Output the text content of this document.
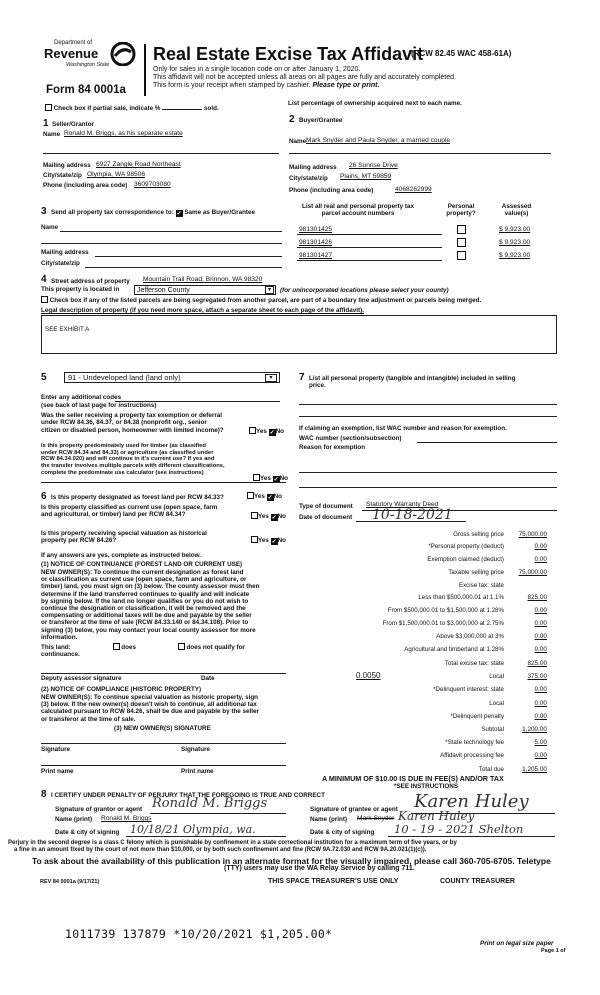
Department of
Revenue
Washington State
Form 84 0001a
Real Estate Excise Tax Affidavit
(RCW 82.45 WAC 458-61A)
Only for sales in a single location code on or after January 1, 2020.
This affidavit will not be accepted unless all areas on all pages are fully and accurately completed.
This form is your receipt when stamped by cashier. Please type or print.
Check box if partial sale, indicate %	sold.
List percentage of ownership acquired next to each name.
1 Seller/Grantor
Name Ronald M. Briggs, as his separate estate
Mailing address 6927 Zangle Road Northeast
City/state/zip Olympia, WA 98506
Phone (including area code) 3609703080
2 Buyer/Grantee
Name Mark Snyder and Paula Snyder, a married couple
Mailing address 26 Sunrise Drive
City/state/zip Plains, MT 59859
Phone (including area code)	4068262999
3 Send all property tax correspondence to: ✓ Same as Buyer/Grantee
Name
Mailing address
City/state/zip
List all real and personal property tax
parcel account numbers
Personal
property?
Assessed
value(s)
981301425	$ 9,923.00
981301426	$ 9,923.00
981301427	$ 9,923.00
4 Street address of property Mountain Trail Road, Brinnon, WA 98320
This property is located in	Jefferson County	▾	(for unincorporated locations please select your county)
Check box if any of the listed parcels are being segregated from another parcel, are part of a boundary line adjustment or parcels being merged.
Legal description of property (if you need more space, attach a separate sheet to each page of the affidavit).
SEE EXHIBIT A
5	91 - Undeveloped land (land only)	▾
Enter any additional codes
(see back of last page for instructions)
Was the seller receiving a property tax exemption or deferral
under RCW 84.36, 84.37, or 84.38 (nonprofit org., senior
citizen or disabled person, homeowner with limited income)?	Yes ✓No
Is this property predominately used for timber (as classified
under RCW 84.34 and 84.33) or agriculture (as classified under
RCW 84.34.020) and will continue in it's current use? If yes and
the transfer involves multiple parcels with different classifications,
complete the predominate use calculator (see instructions)
Yes ✓No
6 Is this property designated as forest land per RCW 84.33?	Yes ✓No
Is this property classified as current use (open space, farm
and agricultural, or timber) land per RCW 84.34?	Yes ✓No
Is this property receiving special valuation as historical
property per RCW 84.26?	Yes ✓No
If any answers are yes, complete as instructed below.
(1) NOTICE OF CONTINUANCE (FOREST LAND OR CURRENT USE)
NEW OWNER(S): To continue the current designation as forest land
or classification as current use (open space, farm and agriculture, or
timber) land, you must sign on (3) below. The county assessor must then
determine if the land transferred continues to qualify and will indicate
by signing below. If the land no longer qualifies or you do not wish to
continue the designation or classification, it will be removed and the
compensating or additional taxes will be due and payable by the seller
or transferor at the time of sale (RCW 84.33.140 or 84.34.108). Prior to
signing (3) below, you may contact your local county assessor for more
information.
This land:	does	does not qualify for
continuance.
Deputy assessor signature	Date
(2) NOTICE OF COMPLIANCE (HISTORIC PROPERTY)
NEW OWNER(S): To continue special valuation as historic property, sign
(3) below. If the new owner(s) doesn't wish to continue, all additional tax
calculated pursuant to RCW 84.26, shall be due and payable by the seller
or transferor at the time of sale.
(3) NEW OWNER(S) SIGNATURE
Signature	Signature
Print name	Print name
7 List all personal property (tangible and intangible) included in selling
price.
If claiming an exemption, list WAC number and reason for exemption.
WAC number (section/subsection)
Reason for exemption
Type of document Statutory Warranty Deed
Date of document 10-18-2021
Gross selling price	75,000.00
*Personal property (deduct)	0.00
Exemption claimed (deduct)	0.00
Taxable selling price	75,000.00
Excise tax: state
Less than $500,000.01 at 1.1%	825.00
From $500,000.01 to $1,500,000 at 1.28%	0.00
From $1,500,000.01 to $3,000,000 at 2.75%	0.00
Above $3,000,000 at 3%	0.00
Agricultural and timberland at 1.28%	0.00
Total excise tax: state	825.00
0.0050	Local	375.00
*Delinquent interest: state	0.00
Local	0.00
*Delinquent penalty	0.00
Subtotal	1,200.00
*State technology fee	5.00
Affidavit processing fee	0.00
Total due	1,205.00
A MINIMUM OF $10.00 IS DUE IN FEE(S) AND/OR TAX
*SEE INSTRUCTIONS
8 I CERTIFY UNDER PENALTY OF PERJURY THAT THE FOREGOING IS TRUE AND CORRECT
Signature of grantor or agent Ronald M. Briggs
Name (print) Ronald M. Briggs
Date & city of signing 10/18/21 Olympia, wa.
Signature of grantee or agent Karen Huley
Name (print) Mark Snyder Karen Huley
Date & city of signing 10 - 19 - 2021 Shelton
Perjury in the second degree is a class C felony which is punishable by confinement in a state correctional institution for a maximum term of five years, or by
a fine in an amount fixed by the court of not more than $10,000, or by both such confinement and fine (RCW 9A.72.030 and RCW 9A.20.021(1)(c)).
To ask about the availability of this publication in an alternate format for the visually impaired, please call 360-705-6705. Teletype
(TTY) users may use the WA Relay Service by calling 711.
REV 84 0001a (9/17/21)	THIS SPACE TREASURER'S USE ONLY	COUNTY TREASURER
1011739 137879 *10/20/2021 $1,205.00*
Print on legal size paper
Page 1 of
